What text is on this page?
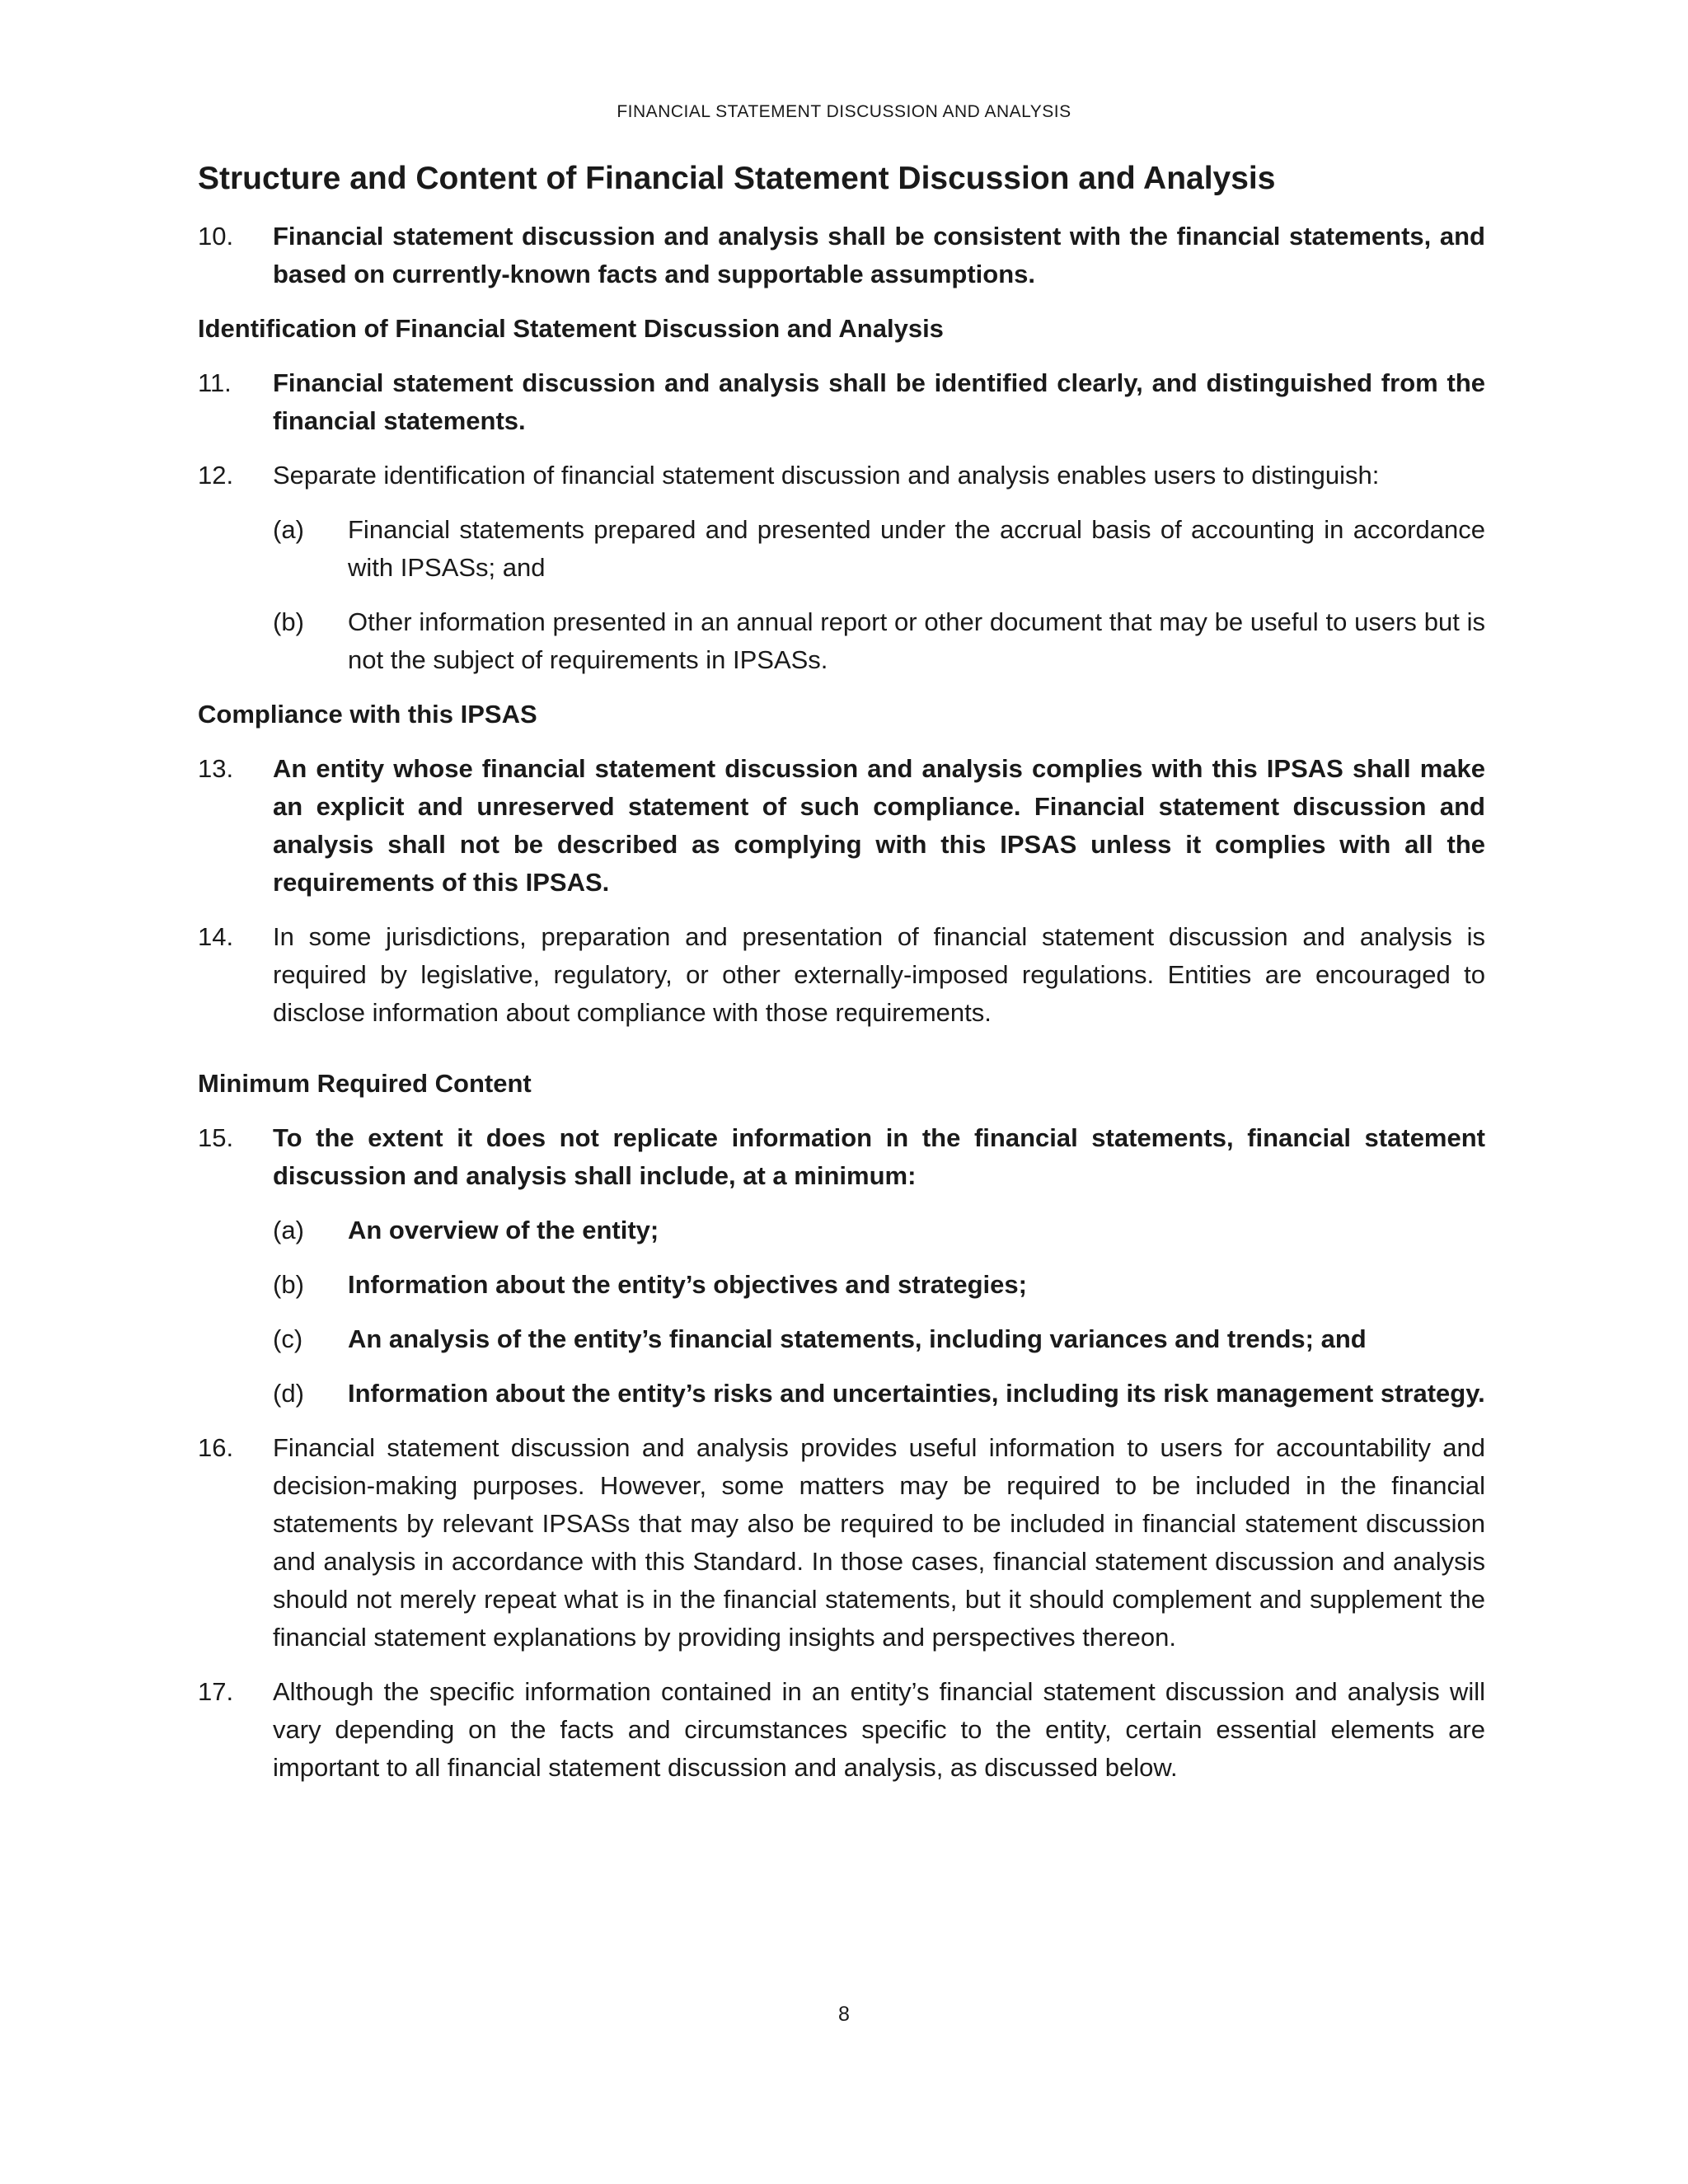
FINANCIAL STATEMENT DISCUSSION AND ANALYSIS
Structure and Content of Financial Statement Discussion and Analysis
10. Financial statement discussion and analysis shall be consistent with the financial statements, and based on currently-known facts and supportable assumptions.
Identification of Financial Statement Discussion and Analysis
11. Financial statement discussion and analysis shall be identified clearly, and distinguished from the financial statements.
12. Separate identification of financial statement discussion and analysis enables users to distinguish:
(a) Financial statements prepared and presented under the accrual basis of accounting in accordance with IPSASs; and
(b) Other information presented in an annual report or other document that may be useful to users but is not the subject of requirements in IPSASs.
Compliance with this IPSAS
13. An entity whose financial statement discussion and analysis complies with this IPSAS shall make an explicit and unreserved statement of such compliance. Financial statement discussion and analysis shall not be described as complying with this IPSAS unless it complies with all the requirements of this IPSAS.
14. In some jurisdictions, preparation and presentation of financial statement discussion and analysis is required by legislative, regulatory, or other externally-imposed regulations. Entities are encouraged to disclose information about compliance with those requirements.
Minimum Required Content
15. To the extent it does not replicate information in the financial statements, financial statement discussion and analysis shall include, at a minimum:
(a) An overview of the entity;
(b) Information about the entity’s objectives and strategies;
(c) An analysis of the entity’s financial statements, including variances and trends; and
(d) Information about the entity’s risks and uncertainties, including its risk management strategy.
16. Financial statement discussion and analysis provides useful information to users for accountability and decision-making purposes. However, some matters may be required to be included in the financial statements by relevant IPSASs that may also be required to be included in financial statement discussion and analysis in accordance with this Standard. In those cases, financial statement discussion and analysis should not merely repeat what is in the financial statements, but it should complement and supplement the financial statement explanations by providing insights and perspectives thereon.
17. Although the specific information contained in an entity’s financial statement discussion and analysis will vary depending on the facts and circumstances specific to the entity, certain essential elements are important to all financial statement discussion and analysis, as discussed below.
8
